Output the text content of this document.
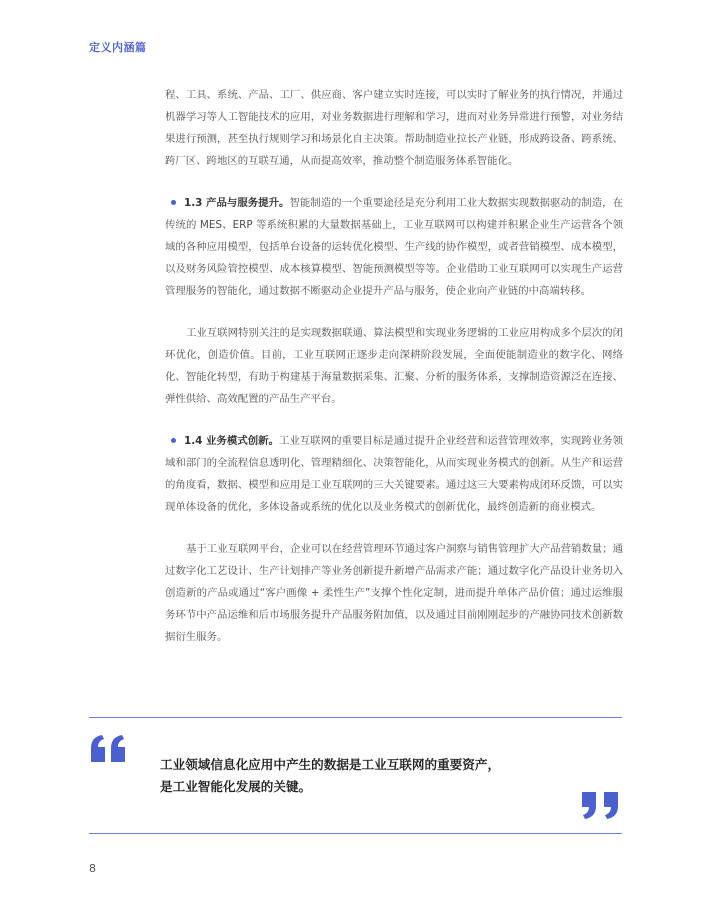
定义内涵篇

程、工具、系统、产品、工厂、供应商、客户建立实时连接，可以实时了解业务的执行情况，并通过机器学习等人工智能技术的应用，对业务数据进行理解和学习，进而对业务异常进行预警，对业务结果进行预测，甚至执行规则学习和场景化自主决策。帮助制造业拉长产业链，形成跨设备、跨系统、跨厂区、跨地区的互联互通，从而提高效率，推动整个制造服务体系智能化。

1.3 产品与服务提升。智能制造的一个重要途径是充分利用工业大数据实现数据驱动的制造，在传统的 MES、ERP 等系统积累的大量数据基础上，工业互联网可以构建并积累企业生产运营各个领域的各种应用模型，包括单台设备的运转优化模型、生产线的协作模型，或者营销模型、成本模型，以及财务风险管控模型、成本核算模型、智能预测模型等等。企业借助工业互联网可以实现生产运营管理服务的智能化，通过数据不断驱动企业提升产品与服务，使企业向产业链的中高端转移。

工业互联网特别关注的是实现数据联通、算法模型和实现业务逻辑的工业应用构成多个层次的闭环优化，创造价值。目前，工业互联网正逐步走向深耕阶段发展，全面使能制造业的数字化、网络化、智能化转型，有助于构建基于海量数据采集、汇聚、分析的服务体系，支撑制造资源泛在连接、弹性供给、高效配置的产品生产平台。

1.4 业务模式创新。工业互联网的重要目标是通过提升企业经营和运营管理效率，实现跨业务领域和部门的全流程信息透明化、管理精细化、决策智能化，从而实现业务模式的创新。从生产和运营的角度看，数据、模型和应用是工业互联网的三大关键要素。通过这三大要素构成闭环反馈，可以实现单体设备的优化，多体设备或系统的优化以及业务模式的创新优化，最终创造新的商业模式。

基于工业互联网平台，企业可以在经营管理环节通过客户洞察与销售管理扩大产品营销数量；通过数字化工艺设计、生产计划排产等业务创新提升新增产品需求产能；通过数字化产品设计业务切入创造新的产品或通过“客户画像 + 柔性生产”支撑个性化定制，进而提升单体产品价值；通过运维服务环节中产品运维和后市场服务提升产品服务附加值，以及通过目前刚刚起步的产融协同技术创新数据衍生服务。

工业领域信息化应用中产生的数据是工业互联网的重要资产，
是工业智能化发展的关键。
8
